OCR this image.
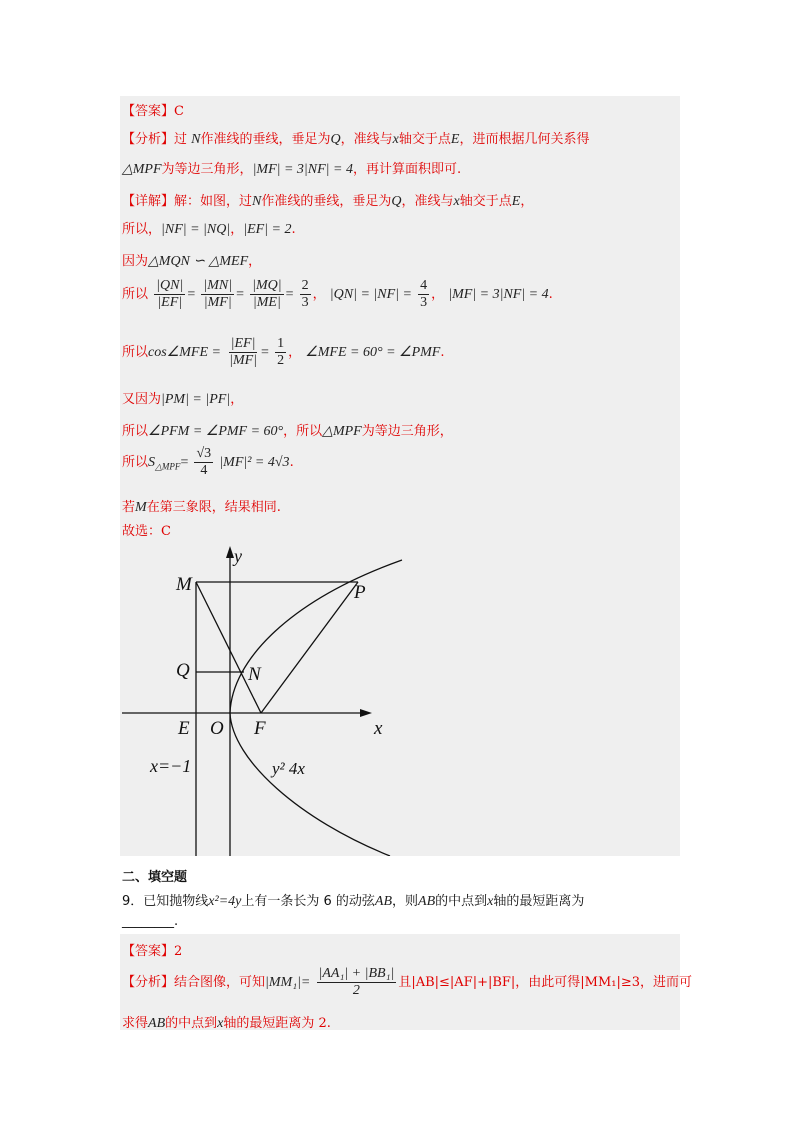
【答案】C
【分析】过 N作准线的垂线，垂足为Q，准线与x轴交于点E，进而根据几何关系得
△MPF为等边三角形，|MF| = 3|NF| = 4，再计算面积即可.
【详解】解：如图，过N作准线的垂线，垂足为Q，准线与x轴交于点E，
所以，|NF| = |NQ|，|EF| = 2.
因为△MQN ∽ △MEF，
所以 $\frac{|QN|}{|EF|} = \frac{|MN|}{|MF|} = \frac{|MQ|}{|ME|} = \frac{2}{3}$ ， $|QN| = |NF| = \frac{4}{3}$ ， |MF| = 3|NF| = 4.
所以cos∠MFE = $\frac{|EF|}{|MF|} = \frac{1}{2}$ ， ∠MFE = 60° = ∠PMF.
又因为|PM| = |PF|，
所以∠PFM = ∠PMF = 60°，所以△MPF为等边三角形，
所以$S_{\triangle MPF}= \frac{√3}{4} |MF|^2 = 4√3$.
若M在第三象限，结果相同.
故选：C
y
M	P
Q	N
E O F	x
x=−1	y² 4x
二、填空题
9．已知抛物线x²=4y上有一条长为 6 的动弦AB，则AB的中点到x轴的最短距离为
________.
【答案】2
【分析】结合图像，可知$|MM_1|= \frac{\text{|AA₁| + |BB₁|}}{2}$ 且|AB|≤|AF|+|BF|，由此可得|MM₁|≥3，进而可
求得AB的中点到x轴的最短距离为 2.
